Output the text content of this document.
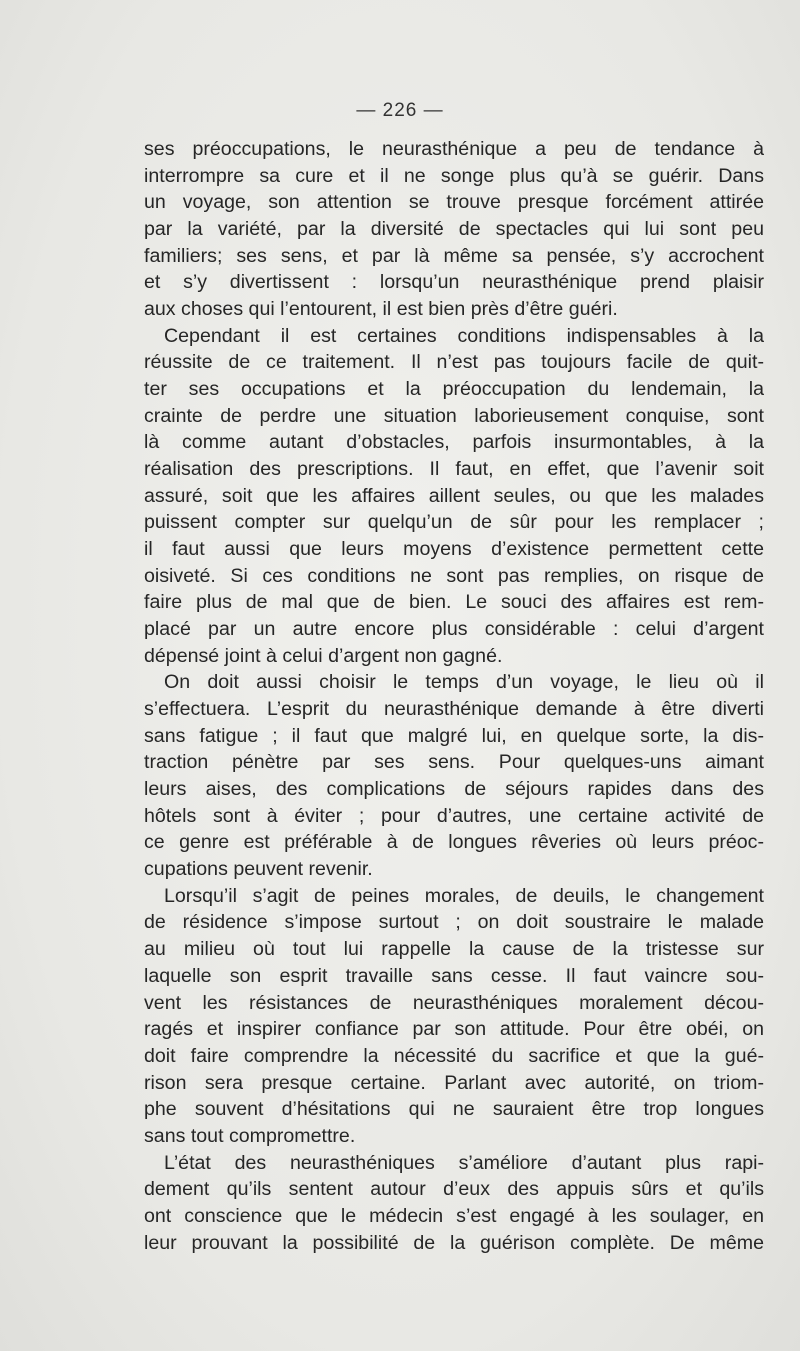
— 226 —
ses préoccupations, le neurasthénique a peu de tendance à
interrompre sa cure et il ne songe plus qu’à se guérir. Dans
un voyage, son attention se trouve presque forcément attirée
par la variété, par la diversité de spectacles qui lui sont peu
familiers; ses sens, et par là même sa pensée, s’y accrochent
et s’y divertissent : lorsqu’un neurasthénique prend plaisir
aux choses qui l’entourent, il est bien près d’être guéri.
Cependant il est certaines conditions indispensables à la
réussite de ce traitement. Il n’est pas toujours facile de quit-
ter ses occupations et la préoccupation du lendemain, la
crainte de perdre une situation laborieusement conquise, sont
là comme autant d’obstacles, parfois insurmontables, à la
réalisation des prescriptions. Il faut, en effet, que l’avenir soit
assuré, soit que les affaires aillent seules, ou que les malades
puissent compter sur quelqu’un de sûr pour les remplacer ;
il faut aussi que leurs moyens d’existence permettent cette
oisiveté. Si ces conditions ne sont pas remplies, on risque de
faire plus de mal que de bien. Le souci des affaires est rem-
placé par un autre encore plus considérable : celui d’argent
dépensé joint à celui d’argent non gagné.
On doit aussi choisir le temps d’un voyage, le lieu où il
s’effectuera. L’esprit du neurasthénique demande à être diverti
sans fatigue ; il faut que malgré lui, en quelque sorte, la dis-
traction pénètre par ses sens. Pour quelques-uns aimant
leurs aises, des complications de séjours rapides dans des
hôtels sont à éviter ; pour d’autres, une certaine activité de
ce genre est préférable à de longues rêveries où leurs préoc-
cupations peuvent revenir.
Lorsqu’il s’agit de peines morales, de deuils, le changement
de résidence s’impose surtout ; on doit soustraire le malade
au milieu où tout lui rappelle la cause de la tristesse sur
laquelle son esprit travaille sans cesse. Il faut vaincre sou-
vent les résistances de neurasthéniques moralement décou-
ragés et inspirer confiance par son attitude. Pour être obéi, on
doit faire comprendre la nécessité du sacrifice et que la gué-
rison sera presque certaine. Parlant avec autorité, on triom-
phe souvent d’hésitations qui ne sauraient être trop longues
sans tout compromettre.
L’état des neurasthéniques s’améliore d’autant plus rapi-
dement qu’ils sentent autour d’eux des appuis sûrs et qu’ils
ont conscience que le médecin s’est engagé à les soulager, en
leur prouvant la possibilité de la guérison complète. De même
